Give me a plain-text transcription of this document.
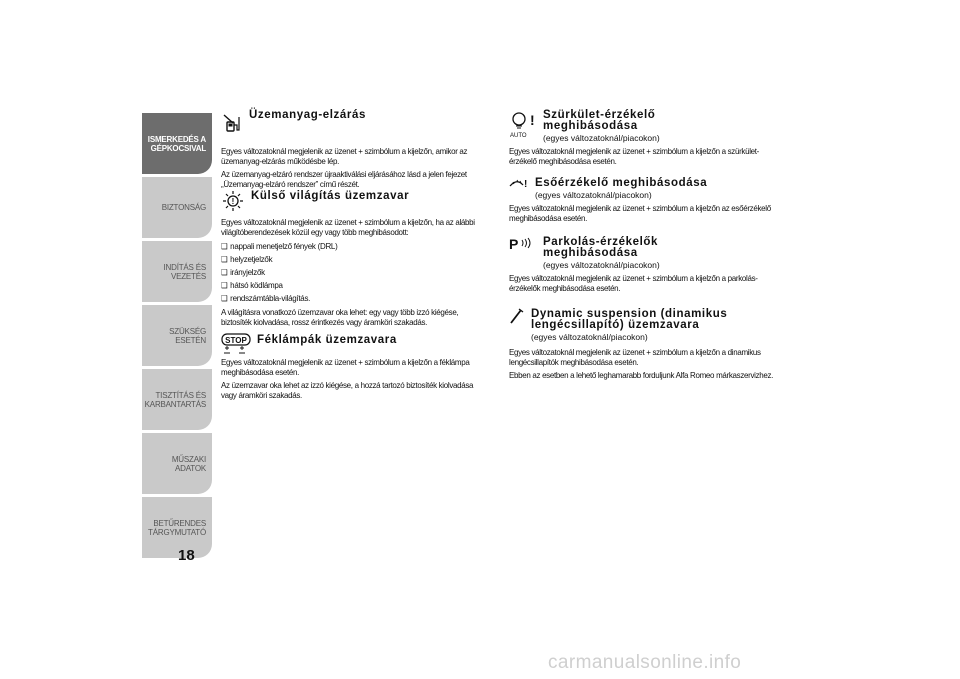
ISMERKEDÉS A
GÉPKOCSIVAL
BIZTONSÁG
INDÍTÁS ÉS VEZETÉS
SZÜKSÉG ESETÉN
TISZTÍTÁS ÉS
KARBANTARTÁS
MŰSZAKI ADATOK
BETŰRENDES
TÁRGYMUTATÓ
18
Üzemanyag-elzárás

Egyes változatoknál megjelenik az üzenet + szimbólum a kijelzőn, amikor az üzemanyag-elzárás működésbe lép.

Az üzemanyag-elzáró rendszer újraaktiválási eljárásához lásd a jelen fejezet „Üzemanyag-elzáró rendszer” című részét.

! Külső világítás üzemzavar

Egyes változatoknál megjelenik az üzenet + szimbólum a kijelzőn, ha az alábbi világítóberendezések közül egy vagy több meghibásodott:

❑ nappali menetjelző fények (DRL)
❑ helyzetjelzők
❑ irányjelzők
❑ hátsó ködlámpa
❑ rendszámtábla-világítás.

A világításra vonatkozó üzemzavar oka lehet: egy vagy több izzó kiégése, biztosíték kiolvadása, rossz érintkezés vagy áramköri szakadás.

STOP Féklámpák üzemzavara

Egyes változatoknál megjelenik az üzenet + szimbólum a kijelzőn a féklámpa meghibásodása esetén.

Az üzemzavar oka lehet az izzó kiégése, a hozzá tartozó biztosíték kiolvadása vagy áramköri szakadás.

!
AUTO
Szürkület-érzékelő
meghibásodása
(egyes változatoknál/piacokon)

Egyes változatoknál megjelenik az üzenet + szimbólum a kijelzőn a szürkület-érzékelő meghibásodása esetén.

! Esőérzékelő meghibásodása
(egyes változatoknál/piacokon)

Egyes változatoknál megjelenik az üzenet + szimbólum a kijelzőn az esőérzékelő meghibásodása esetén.

P Parkolás-érzékelők
meghibásodása
(egyes változatoknál/piacokon)

Egyes változatoknál megjelenik az üzenet + szimbólum a kijelzőn a parkolás-érzékelők meghibásodása esetén.

Dynamic suspension (dinamikus
lengécsillapító) üzemzavara
(egyes változatoknál/piacokon)

Egyes változatoknál megjelenik az üzenet + szimbólum a kijelzőn a dinamikus lengécsillapítók meghibásodása esetén.

Ebben az esetben a lehető leghamarabb forduljunk Alfa Romeo márkaszervizhez.

carmanualsonline.info
